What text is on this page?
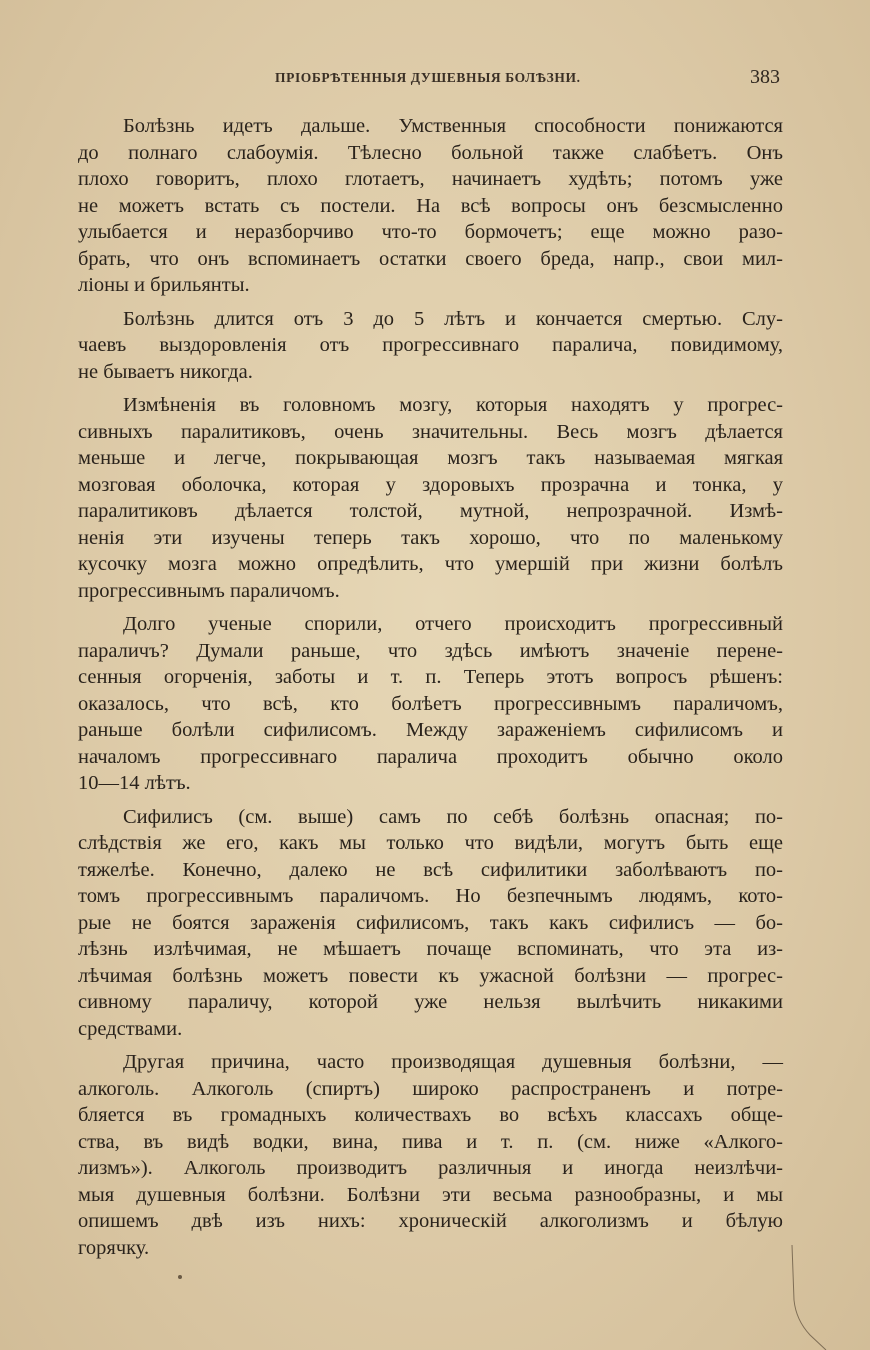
ПРІОБРѢТЕННЫЯ ДУШЕВНЫЯ БОЛѢЗНИ.	383
Болѣзнь идетъ дальше. Умственныя способности понижаются
до полнаго слабоумія. Тѣлесно больной также слабѣетъ. Онъ
плохо говоритъ, плохо глотаетъ, начинаетъ худѣть; потомъ уже
не можетъ встать съ постели. На всѣ вопросы онъ безсмысленно
улыбается и неразборчиво что-то бормочетъ; еще можно разо-
брать, что онъ вспоминаетъ остатки своего бреда, напр., свои мил-
ліоны и брильянты.
Болѣзнь длится отъ 3 до 5 лѣтъ и кончается смертью. Слу-
чаевъ выздоровленія отъ прогрессивнаго паралича, повидимому,
не бываетъ никогда.
Измѣненія въ головномъ мозгу, которыя находятъ у прогрес-
сивныхъ паралитиковъ, очень значительны. Весь мозгъ дѣлается
меньше и легче, покрывающая мозгъ такъ называемая мягкая
мозговая оболочка, которая у здоровыхъ прозрачна и тонка, у
паралитиковъ дѣлается толстой, мутной, непрозрачной. Измѣ-
ненія эти изучены теперь такъ хорошо, что по маленькому
кусочку мозга можно опредѣлить, что умершій при жизни болѣлъ
прогрессивнымъ параличомъ.
Долго ученые спорили, отчего происходитъ прогрессивный
параличъ? Думали раньше, что здѣсь имѣютъ значеніе перене-
сенныя огорченія, заботы и т. п. Теперь этотъ вопросъ рѣшенъ:
оказалось, что всѣ, кто болѣетъ прогрессивнымъ параличомъ,
раньше болѣли сифилисомъ. Между зараженіемъ сифилисомъ и
началомъ прогрессивнаго паралича проходитъ обычно около
10—14 лѣтъ.
Сифилисъ (см. выше) самъ по себѣ болѣзнь опасная; по-
слѣдствія же его, какъ мы только что видѣли, могутъ быть еще
тяжелѣе. Конечно, далеко не всѣ сифилитики заболѣваютъ по-
томъ прогрессивнымъ параличомъ. Но безпечнымъ людямъ, кото-
рые не боятся зараженія сифилисомъ, такъ какъ сифилисъ — бо-
лѣзнь излѣчимая, не мѣшаетъ почаще вспоминать, что эта из-
лѣчимая болѣзнь можетъ повести къ ужасной болѣзни — прогрес-
сивному параличу, которой уже нельзя вылѣчить никакими
средствами.
Другая причина, часто производящая душевныя болѣзни, —
алкоголь. Алкоголь (спиртъ) широко распространенъ и потре-
бляется въ громадныхъ количествахъ во всѣхъ классахъ обще-
ства, въ видѣ водки, вина, пива и т. п. (см. ниже «Алкого-
лизмъ»). Алкоголь производитъ различныя и иногда неизлѣчи-
мыя душевныя болѣзни. Болѣзни эти весьма разнообразны, и мы
опишемъ двѣ изъ нихъ: хроническій алкоголизмъ и бѣлую
горячку.
